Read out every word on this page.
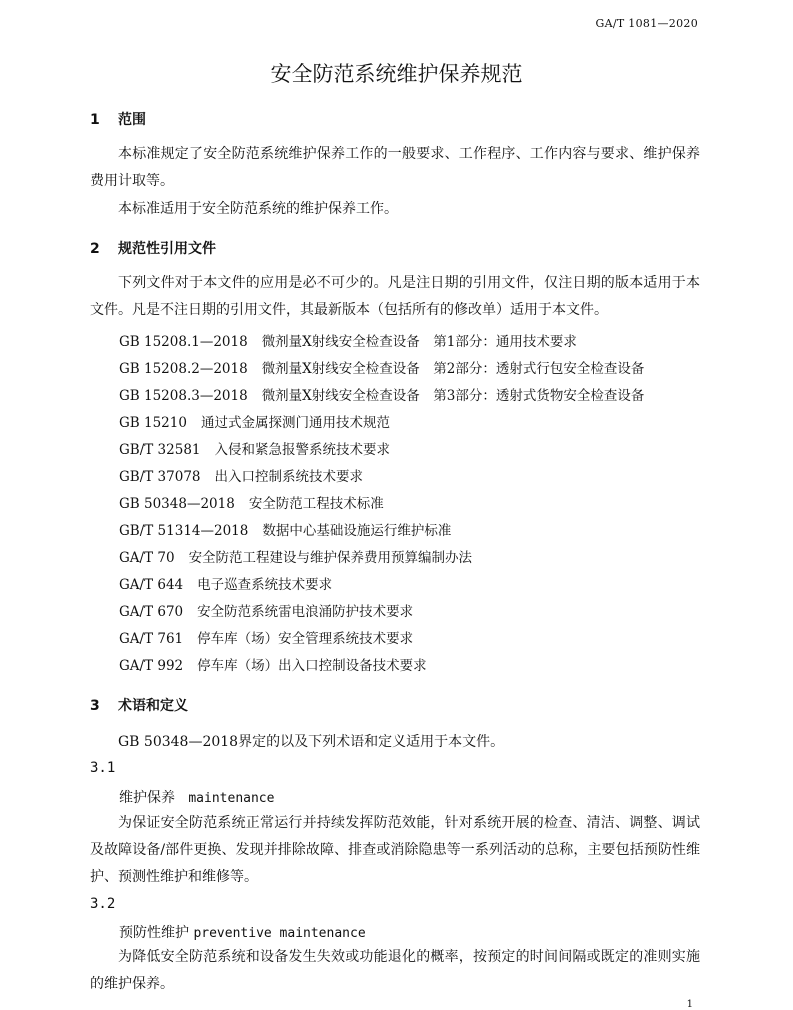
GA/T 1081—2020
安全防范系统维护保养规范
1 范围
本标准规定了安全防范系统维护保养工作的一般要求、工作程序、工作内容与要求、维护保养费用计取等。
本标准适用于安全防范系统的维护保养工作。
2 规范性引用文件
下列文件对于本文件的应用是必不可少的。凡是注日期的引用文件，仅注日期的版本适用于本文件。凡是不注日期的引用文件，其最新版本（包括所有的修改单）适用于本文件。
GB 15208.1—2018 微剂量X射线安全检查设备　第1部分：通用技术要求
GB 15208.2—2018 微剂量X射线安全检查设备　第2部分：透射式行包安全检查设备
GB 15208.3—2018 微剂量X射线安全检查设备　第3部分：透射式货物安全检查设备
GB 15210 通过式金属探测门通用技术规范
GB/T 32581 入侵和紧急报警系统技术要求
GB/T 37078 出入口控制系统技术要求
GB 50348—2018 安全防范工程技术标准
GB/T 51314—2018 数据中心基础设施运行维护标准
GA/T 70 安全防范工程建设与维护保养费用预算编制办法
GA/T 644 电子巡查系统技术要求
GA/T 670 安全防范系统雷电浪涌防护技术要求
GA/T 761 停车库（场）安全管理系统技术要求
GA/T 992 停车库（场）出入口控制设备技术要求
3 术语和定义
GB 50348—2018界定的以及下列术语和定义适用于本文件。
3.1
维护保养 maintenance
为保证安全防范系统正常运行并持续发挥防范效能，针对系统开展的检查、清洁、调整、调试及故障设备/部件更换、发现并排除故障、排查或消除隐患等一系列活动的总称，主要包括预防性维护、预测性维护和维修等。
3.2
预防性维护 preventive maintenance
为降低安全防范系统和设备发生失效或功能退化的概率，按预定的时间间隔或既定的准则实施的维护保养。
1
